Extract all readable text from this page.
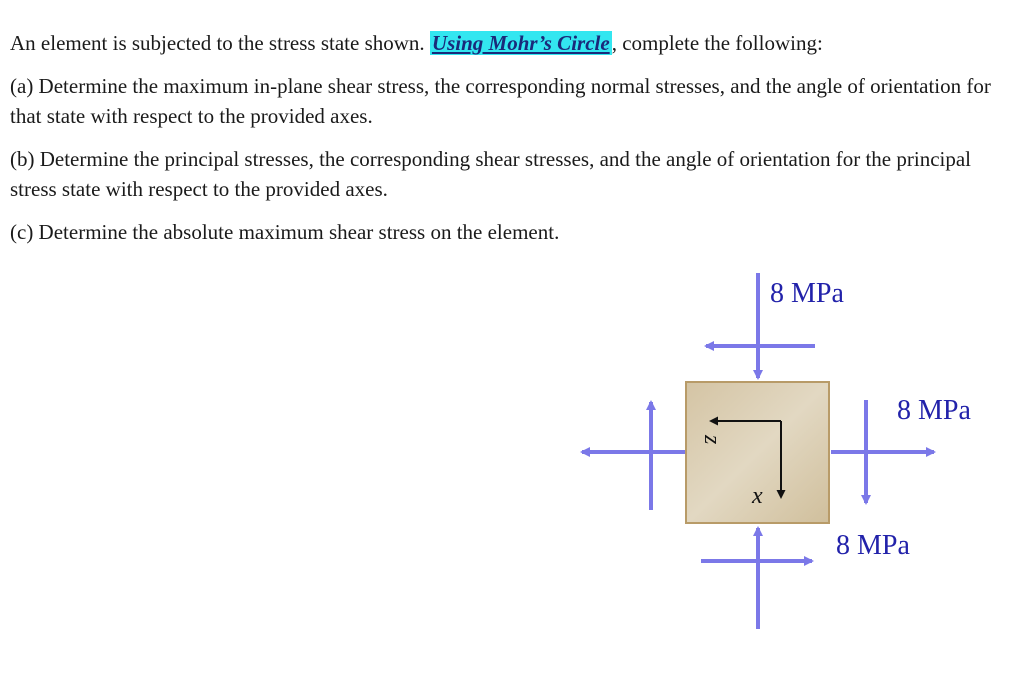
An element is subjected to the stress state shown. Using Mohr’s Circle, complete the following:

(a) Determine the maximum in-plane shear stress, the corresponding normal stresses, and the angle of orientation for that state with respect to the provided axes.

(b) Determine the principal stresses, the corresponding shear stresses, and the angle of orientation for the principal stress state with respect to the provided axes.

(c) Determine the absolute maximum shear stress on the element.

z
x
8 MPa
8 MPa
8 MPa
